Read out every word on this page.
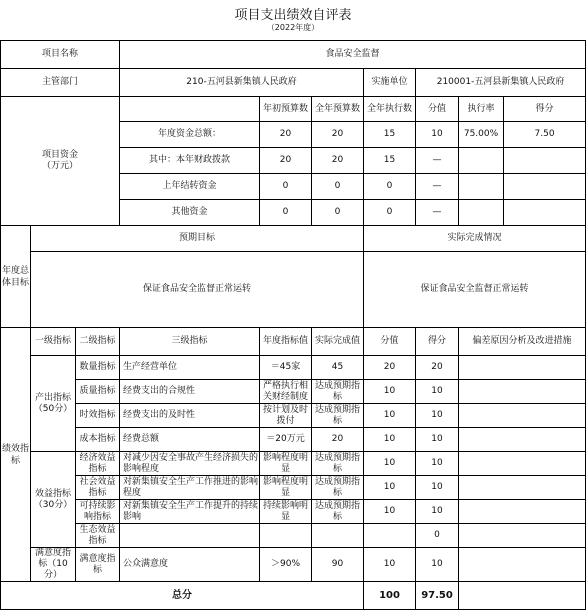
项目支出绩效自评表
（2022年度）
项目名称			食品安全监督						
主管部门			210-五河县新集镇人民政府			实施单位	210001-五河县新集镇人民政府		

项目资金
（万元）				年初预算数	全年预算数	全年执行数	分值	执行率	得分
			年度资金总额：	20	20	15	10	75.00%	7.50
			其中：本年财政拨款	20	20	15	—		
			上年结转资金	0	0	0	—		
			其他资金	0	0	0	—		
年度总体目标	预期目标					实际完成情况			
	保证食品安全监督正常运转					保证食品安全监督正常运转			
绩效指标	一级指标	二级指标	三级指标	年度指标值	实际完成值	分值	得分	偏差原因分析及改进措施	
	产出指标（50分）	数量指标	生产经营单位	＝45家	45	20	20		
		质量指标	经费支出的合规性	严格执行相关财经制度	达成预期指标	10	10		
		时效指标	经费支出的及时性	按计划及时拨付	达成预期指标	10	10		
		成本指标	经费总额	＝20万元	20	10	10		
	效益指标（30分）	经济效益指标	对减少因安全事故产生经济损失的影响程度	影响程度明显	达成预期指标	10	10		
		社会效益指标	对新集镇安全生产工作推进的影响程度	影响程度明显	达成预期指标	10	10		
		可持续影响指标	对新集镇安全生产工作提升的持续影响	持续影响明显	达成预期指标	10	10		
		生态效益指标					0		
	满意度指标（10分）	满意度指标	公众满意度	＞90%	90	10	10		
总分						100	97.50		
